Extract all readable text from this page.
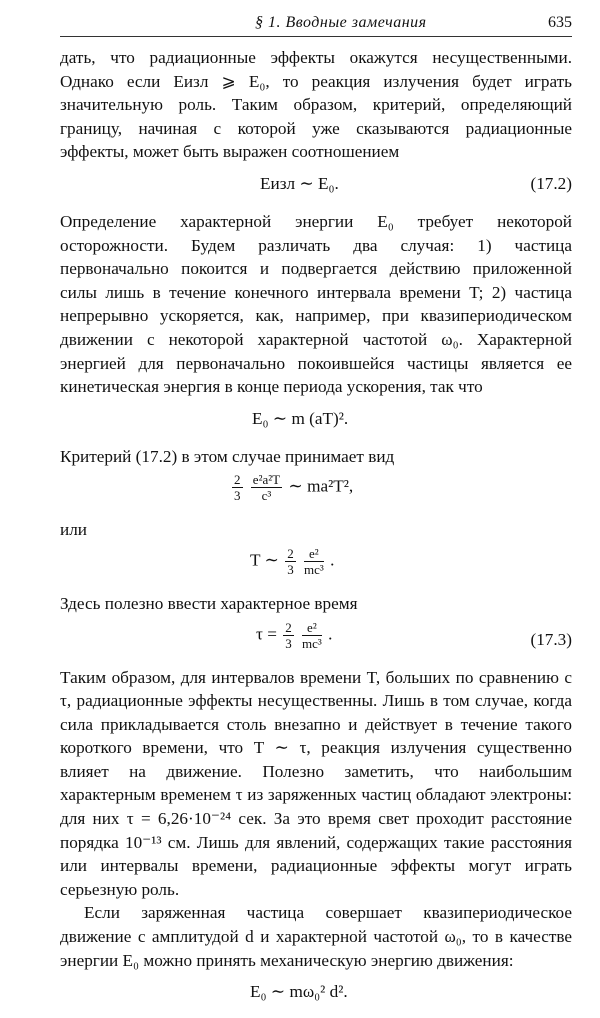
§ 1. Вводные замечания	635

дать, что радиационные эффекты окажутся несущественными. Однако если Eизл ⩾ E₀, то реакция излучения будет играть значительную роль. Таким образом, критерий, определяющий границу, начиная с которой уже сказываются радиационные эффекты, может быть выражен соотношением

Eизл ∼ E₀.	(17.2)

Определение характерной энергии E₀ требует некоторой осторожности. Будем различать два случая: 1) частица первоначально покоится и подвергается действию приложенной силы лишь в течение конечного интервала времени T; 2) частица непрерывно ускоряется, как, например, при квазипериодическом движении с некоторой характерной частотой ω₀. Характерной энергией для первоначально покоившейся частицы является ее кинетическая энергия в конце периода ускорения, так что

E₀ ∼ m (aT)².

Критерий (17.2) в этом случае принимает вид

$\frac{2}{3}$
$\frac{\text{e²a²T}}{\text{c³}}$ ∼ ma²T²,

или

T ∼ $\frac{2}{3}$
$\frac{\text{e²}}{\text{mc³}}$ .

Здесь полезно ввести характерное время

$\tau = \frac{2}{3}$
$\frac{\text{e²}}{\text{mc³}}$ .	(17.3)

Таким образом, для интервалов времени T, больших по сравнению с τ, радиационные эффекты несущественны. Лишь в том случае, когда сила прикладывается столь внезапно и действует в течение такого короткого времени, что T ∼ τ, реакция излучения существенно влияет на движение. Полезно заметить, что наибольшим характерным временем τ из заряженных частиц обладают электроны: для них τ = 6,26·10⁻²⁴ сек. За это время свет проходит расстояние порядка 10⁻¹³ см. Лишь для явлений, содержащих такие расстояния или интервалы времени, радиационные эффекты могут играть серьезную роль.

Если заряженная частица совершает квазипериодическое движение с амплитудой d и характерной частотой ω₀, то в качестве энергии E₀ можно принять механическую энергию движения:

E₀ ∼ mω₀² d².
